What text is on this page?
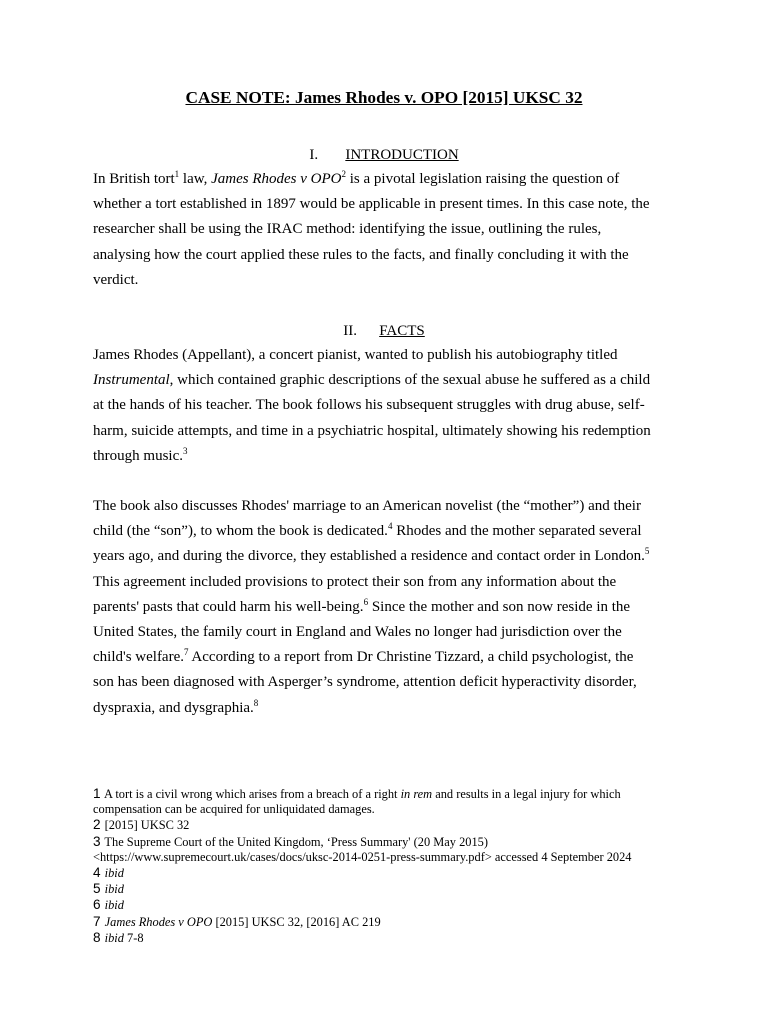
CASE NOTE: James Rhodes v. OPO [2015] UKSC 32
I. INTRODUCTION
In British tort$^1$ law, James Rhodes v OPO$^2$ is a pivotal legislation raising the question of
whether a tort established in 1897 would be applicable in present times. In this case note, the
researcher shall be using the IRAC method: identifying the issue, outlining the rules,
analysing how the court applied these rules to the facts, and finally concluding it with the
verdict.
II. FACTS
James Rhodes (Appellant), a concert pianist, wanted to publish his autobiography titled
Instrumental, which contained graphic descriptions of the sexual abuse he suffered as a child
at the hands of his teacher. The book follows his subsequent struggles with drug abuse, self-
harm, suicide attempts, and time in a psychiatric hospital, ultimately showing his redemption
through music.$^3$
The book also discusses Rhodes' marriage to an American novelist (the “mother”) and their
child (the “son”), to whom the book is dedicated.$^4$ Rhodes and the mother separated several
years ago, and during the divorce, they established a residence and contact order in London.$^5$
This agreement included provisions to protect their son from any information about the
parents' pasts that could harm his well-being.$^6$ Since the mother and son now reside in the
United States, the family court in England and Wales no longer had jurisdiction over the
child's welfare.$^7$ According to a report from Dr Christine Tizzard, a child psychologist, the
son has been diagnosed with Asperger’s syndrome, attention deficit hyperactivity disorder,
dyspraxia, and dysgraphia.$^8$
1 A tort is a civil wrong which arises from a breach of a right in rem and results in a legal injury for which
compensation can be acquired for unliquidated damages.
2 [2015] UKSC 32
3 The Supreme Court of the United Kingdom, ‘Press Summary' (20 May 2015)
<https://www.supremecourt.uk/cases/docs/uksc-2014-0251-press-summary.pdf> accessed 4 September 2024
4 ibid
5 ibid
6 ibid
7 James Rhodes v OPO [2015] UKSC 32, [2016] AC 219
8 ibid 7-8
